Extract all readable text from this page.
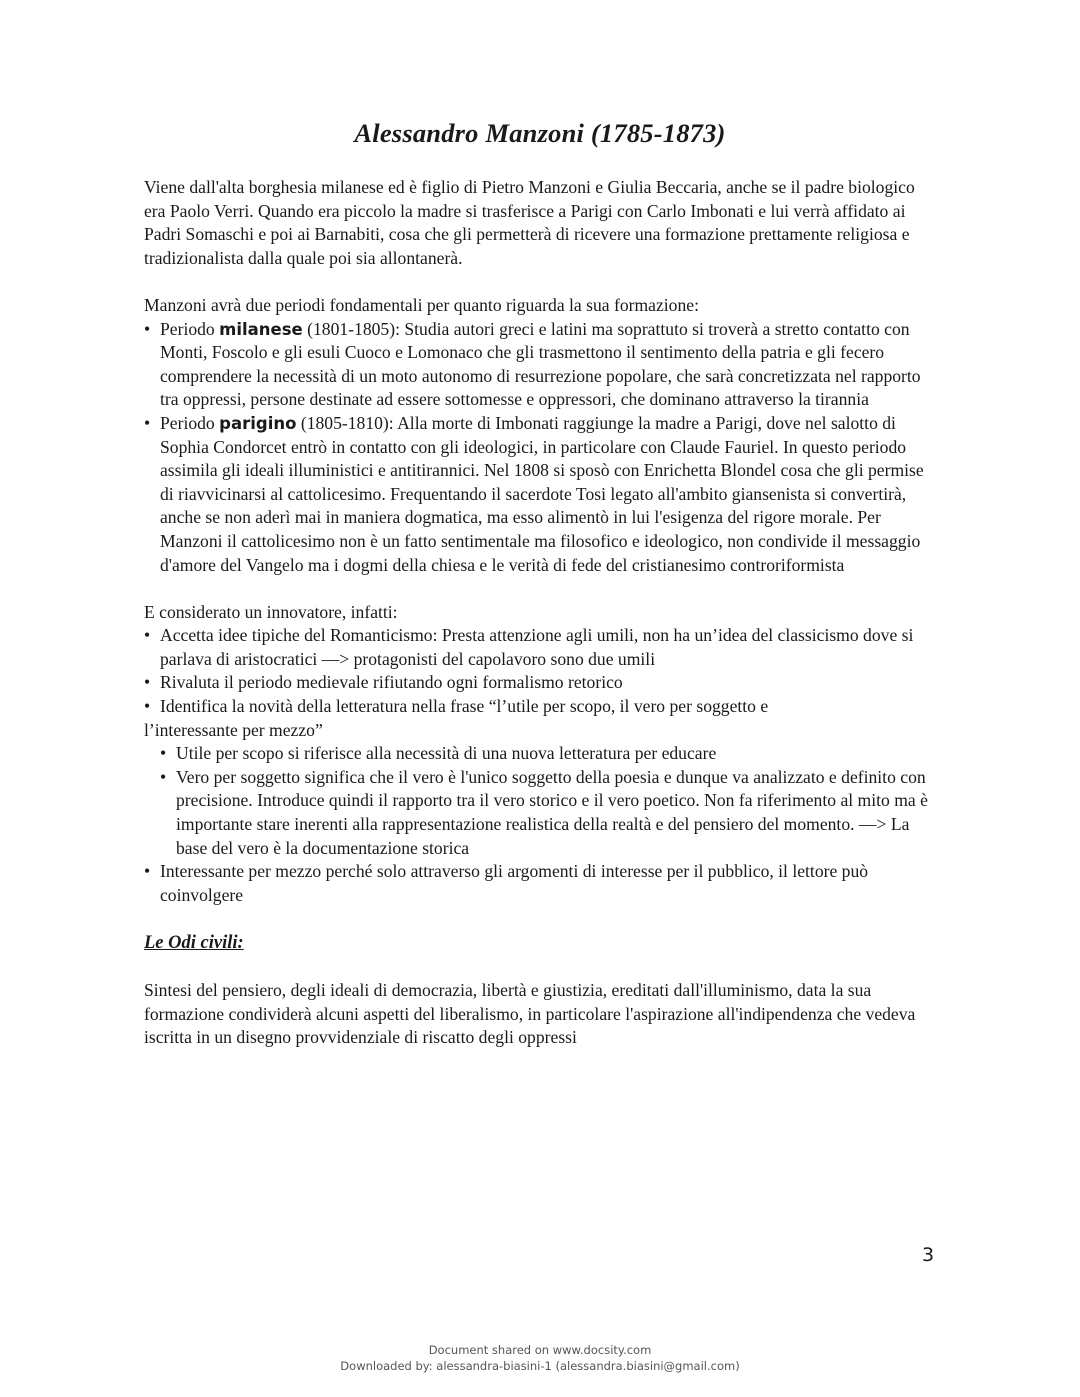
Alessandro Manzoni (1785-1873)

Viene dall'alta borghesia milanese ed è figlio di Pietro Manzoni e Giulia Beccaria, anche se il padre biologico era Paolo Verri. Quando era piccolo la madre si trasferisce a Parigi con Carlo Imbonati e lui verrà affidato ai Padri Somaschi e poi ai Barnabiti, cosa che gli permetterà di ricevere una formazione prettamente religiosa e tradizionalista dalla quale poi sia allontanerà.

Manzoni avrà due periodi fondamentali per quanto riguarda la sua formazione:

• Periodo milanese (1801-1805): Studia autori greci e latini ma soprattuto si troverà a stretto contatto con Monti, Foscolo e gli esuli Cuoco e Lomonaco che gli trasmettono il sentimento della patria e gli fecero comprendere la necessità di un moto autonomo di resurrezione popolare, che sarà concretizzata nel rapporto tra oppressi, persone destinate ad essere sottomesse e oppressori, che dominano attraverso la tirannia
• Periodo parigino (1805-1810): Alla morte di Imbonati raggiunge la madre a Parigi, dove nel salotto di Sophia Condorcet entrò in contatto con gli ideologici, in particolare con Claude Fauriel. In questo periodo assimila gli ideali illuministici e antitirannici. Nel 1808 si sposò con Enrichetta Blondel cosa che gli permise di riavvicinarsi al cattolicesimo. Frequentando il sacerdote Tosi legato all'ambito giansenista si convertirà, anche se non aderì mai in maniera dogmatica, ma esso alimentò in lui l'esigenza del rigore morale. Per Manzoni il cattolicesimo non è un fatto sentimentale ma filosofico e ideologico, non condivide il messaggio d'amore del Vangelo ma i dogmi della chiesa e le verità di fede del cristianesimo controriformista

E considerato un innovatore, infatti:

• Accetta idee tipiche del Romanticismo: Presta attenzione agli umili, non ha un’idea del classicismo dove si parlava di aristocratici —> protagonisti del capolavoro sono due umili
• Rivaluta il periodo medievale rifiutando ogni formalismo retorico
• Identifica la novità della letteratura nella frase “l’utile per scopo, il vero per soggetto e
l’interessante per mezzo”
• Utile per scopo si riferisce alla necessità di una nuova letteratura per educare
• Vero per soggetto significa che il vero è l'unico soggetto della poesia e dunque va analizzato e definito con precisione. Introduce quindi il rapporto tra il vero storico e il vero poetico. Non fa riferimento al mito ma è importante stare inerenti alla rappresentazione realistica della realtà e del pensiero del momento. —> La base del vero è la documentazione storica
• Interessante per mezzo perché solo attraverso gli argomenti di interesse per il pubblico, il lettore può coinvolgere

Le Odi civili:

Sintesi del pensiero, degli ideali di democrazia, libertà e giustizia, ereditati dall'illuminismo, data la sua formazione condividerà alcuni aspetti del liberalismo, in particolare l'aspirazione all'indipendenza che vedeva iscritta in un disegno provvidenziale di riscatto degli oppressi

3
Document shared on www.docsity.com
Downloaded by: alessandra-biasini-1 (alessandra.biasini@gmail.com)
